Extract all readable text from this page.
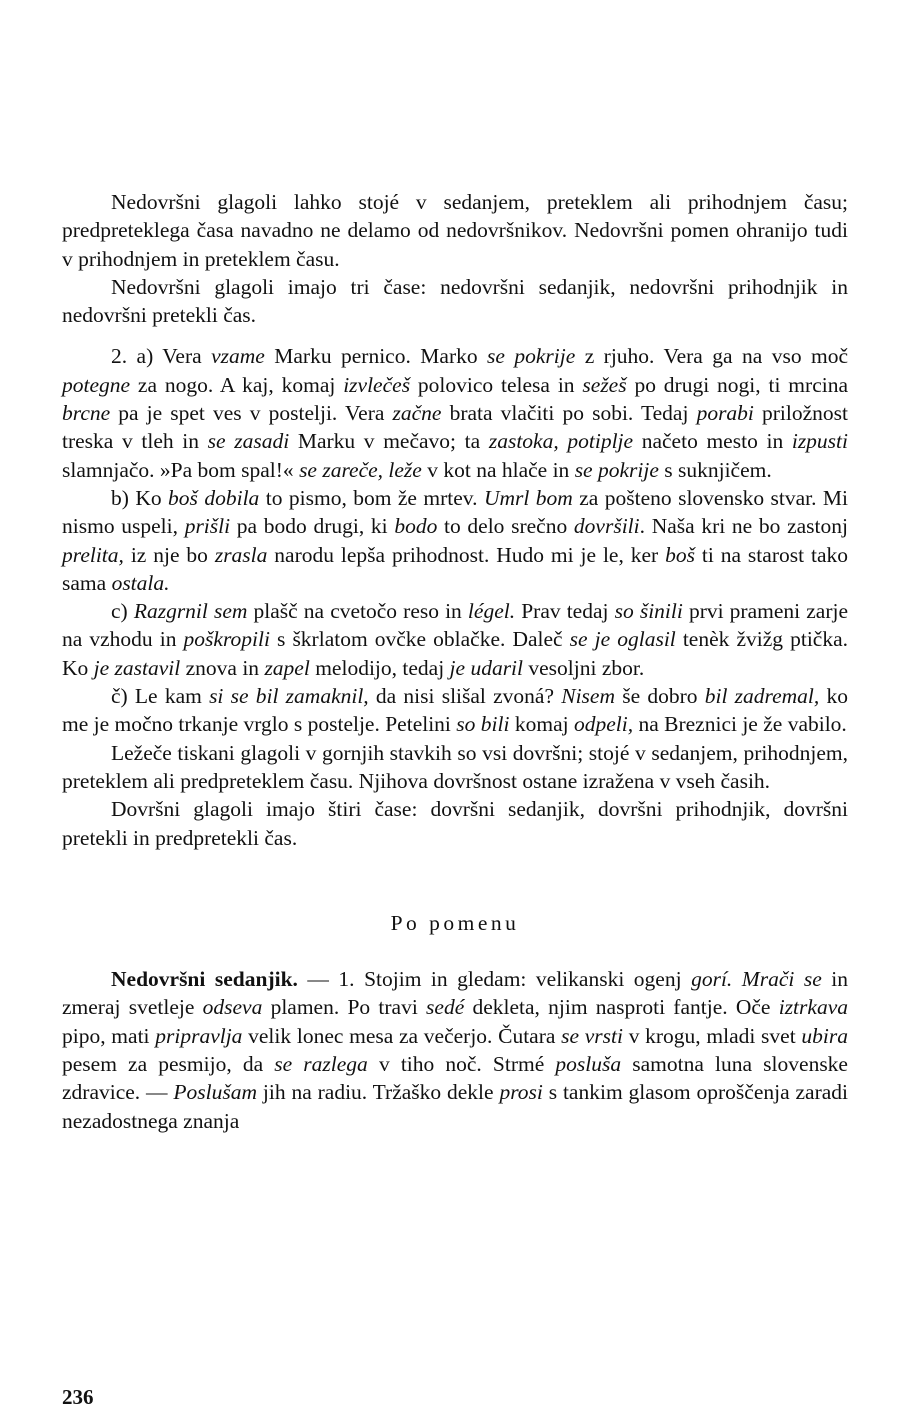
Nedovršni glagoli lahko stojé v sedanjem, preteklem ali prihodnjem času; predpreteklega časa navadno ne delamo od nedovršnikov. Nedovršni pomen ohranijo tudi v prihodnjem in preteklem času.

Nedovršni glagoli imajo tri čase: nedovršni sedanjik, nedovršni prihodnjik in nedovršni pretekli čas.

2. a) Vera vzame Marku pernico. Marko se pokrije z rjuho. Vera ga na vso moč potegne za nogo. A kaj, komaj izvlečeš polovico telesa in sežeš po drugi nogi, ti mrcina brcne pa je spet ves v postelji. Vera začne brata vlačiti po sobi. Tedaj porabi priložnost treska v tleh in se zasadi Marku v mečavo; ta zastoka, potiplje načeto mesto in izpusti slamnjačo. »Pa bom spal!« se zareče, leže v kot na hlače in se pokrije s suknjičem.

b) Ko boš dobila to pismo, bom že mrtev. Umrl bom za pošteno slovensko stvar. Mi nismo uspeli, prišli pa bodo drugi, ki bodo to delo srečno dovršili. Naša kri ne bo zastonj prelita, iz nje bo zrasla narodu lepša prihodnost. Hudo mi je le, ker boš ti na starost tako sama ostala.

c) Razgrnil sem plašč na cvetočo reso in légel. Prav tedaj so šinili prvi prameni zarje na vzhodu in poškropili s škrlatom ovčke oblačke. Daleč se je oglasil tenèk žvižg ptička. Ko je zastavil znova in zapel melodijo, tedaj je udaril vesoljni zbor.

č) Le kam si se bil zamaknil, da nisi slišal zvoná? Nisem še dobro bil zadremal, ko me je močno trkanje vrglo s postelje. Petelini so bili komaj odpeli, na Breznici je že vabilo.

Ležeče tiskani glagoli v gornjih stavkih so vsi dovršni; stojé v sedanjem, prihodnjem, preteklem ali predpreteklem času. Njihova dovršnost ostane izražena v vseh časih.

Dovršni glagoli imajo štiri čase: dovršni sedanjik, dovršni prihodnjik, dovršni pretekli in predpretekli čas.

Po pomenu

Nedovršni sedanjik. — 1. Stojim in gledam: velikanski ogenj gorí. Mrači se in zmeraj svetleje odseva plamen. Po travi sedé dekleta, njim nasproti fantje. Oče iztrkava pipo, mati pripravlja velik lonec mesa za večerjo. Čutara se vrsti v krogu, mladi svet ubira pesem za pesmijo, da se razlega v tiho noč. Strmé posluša samotna luna slovenske zdravice. — Poslušam jih na radiu. Tržaško dekle prosi s tankim glasom oproščenja zaradi nezadostnega znanja

236
